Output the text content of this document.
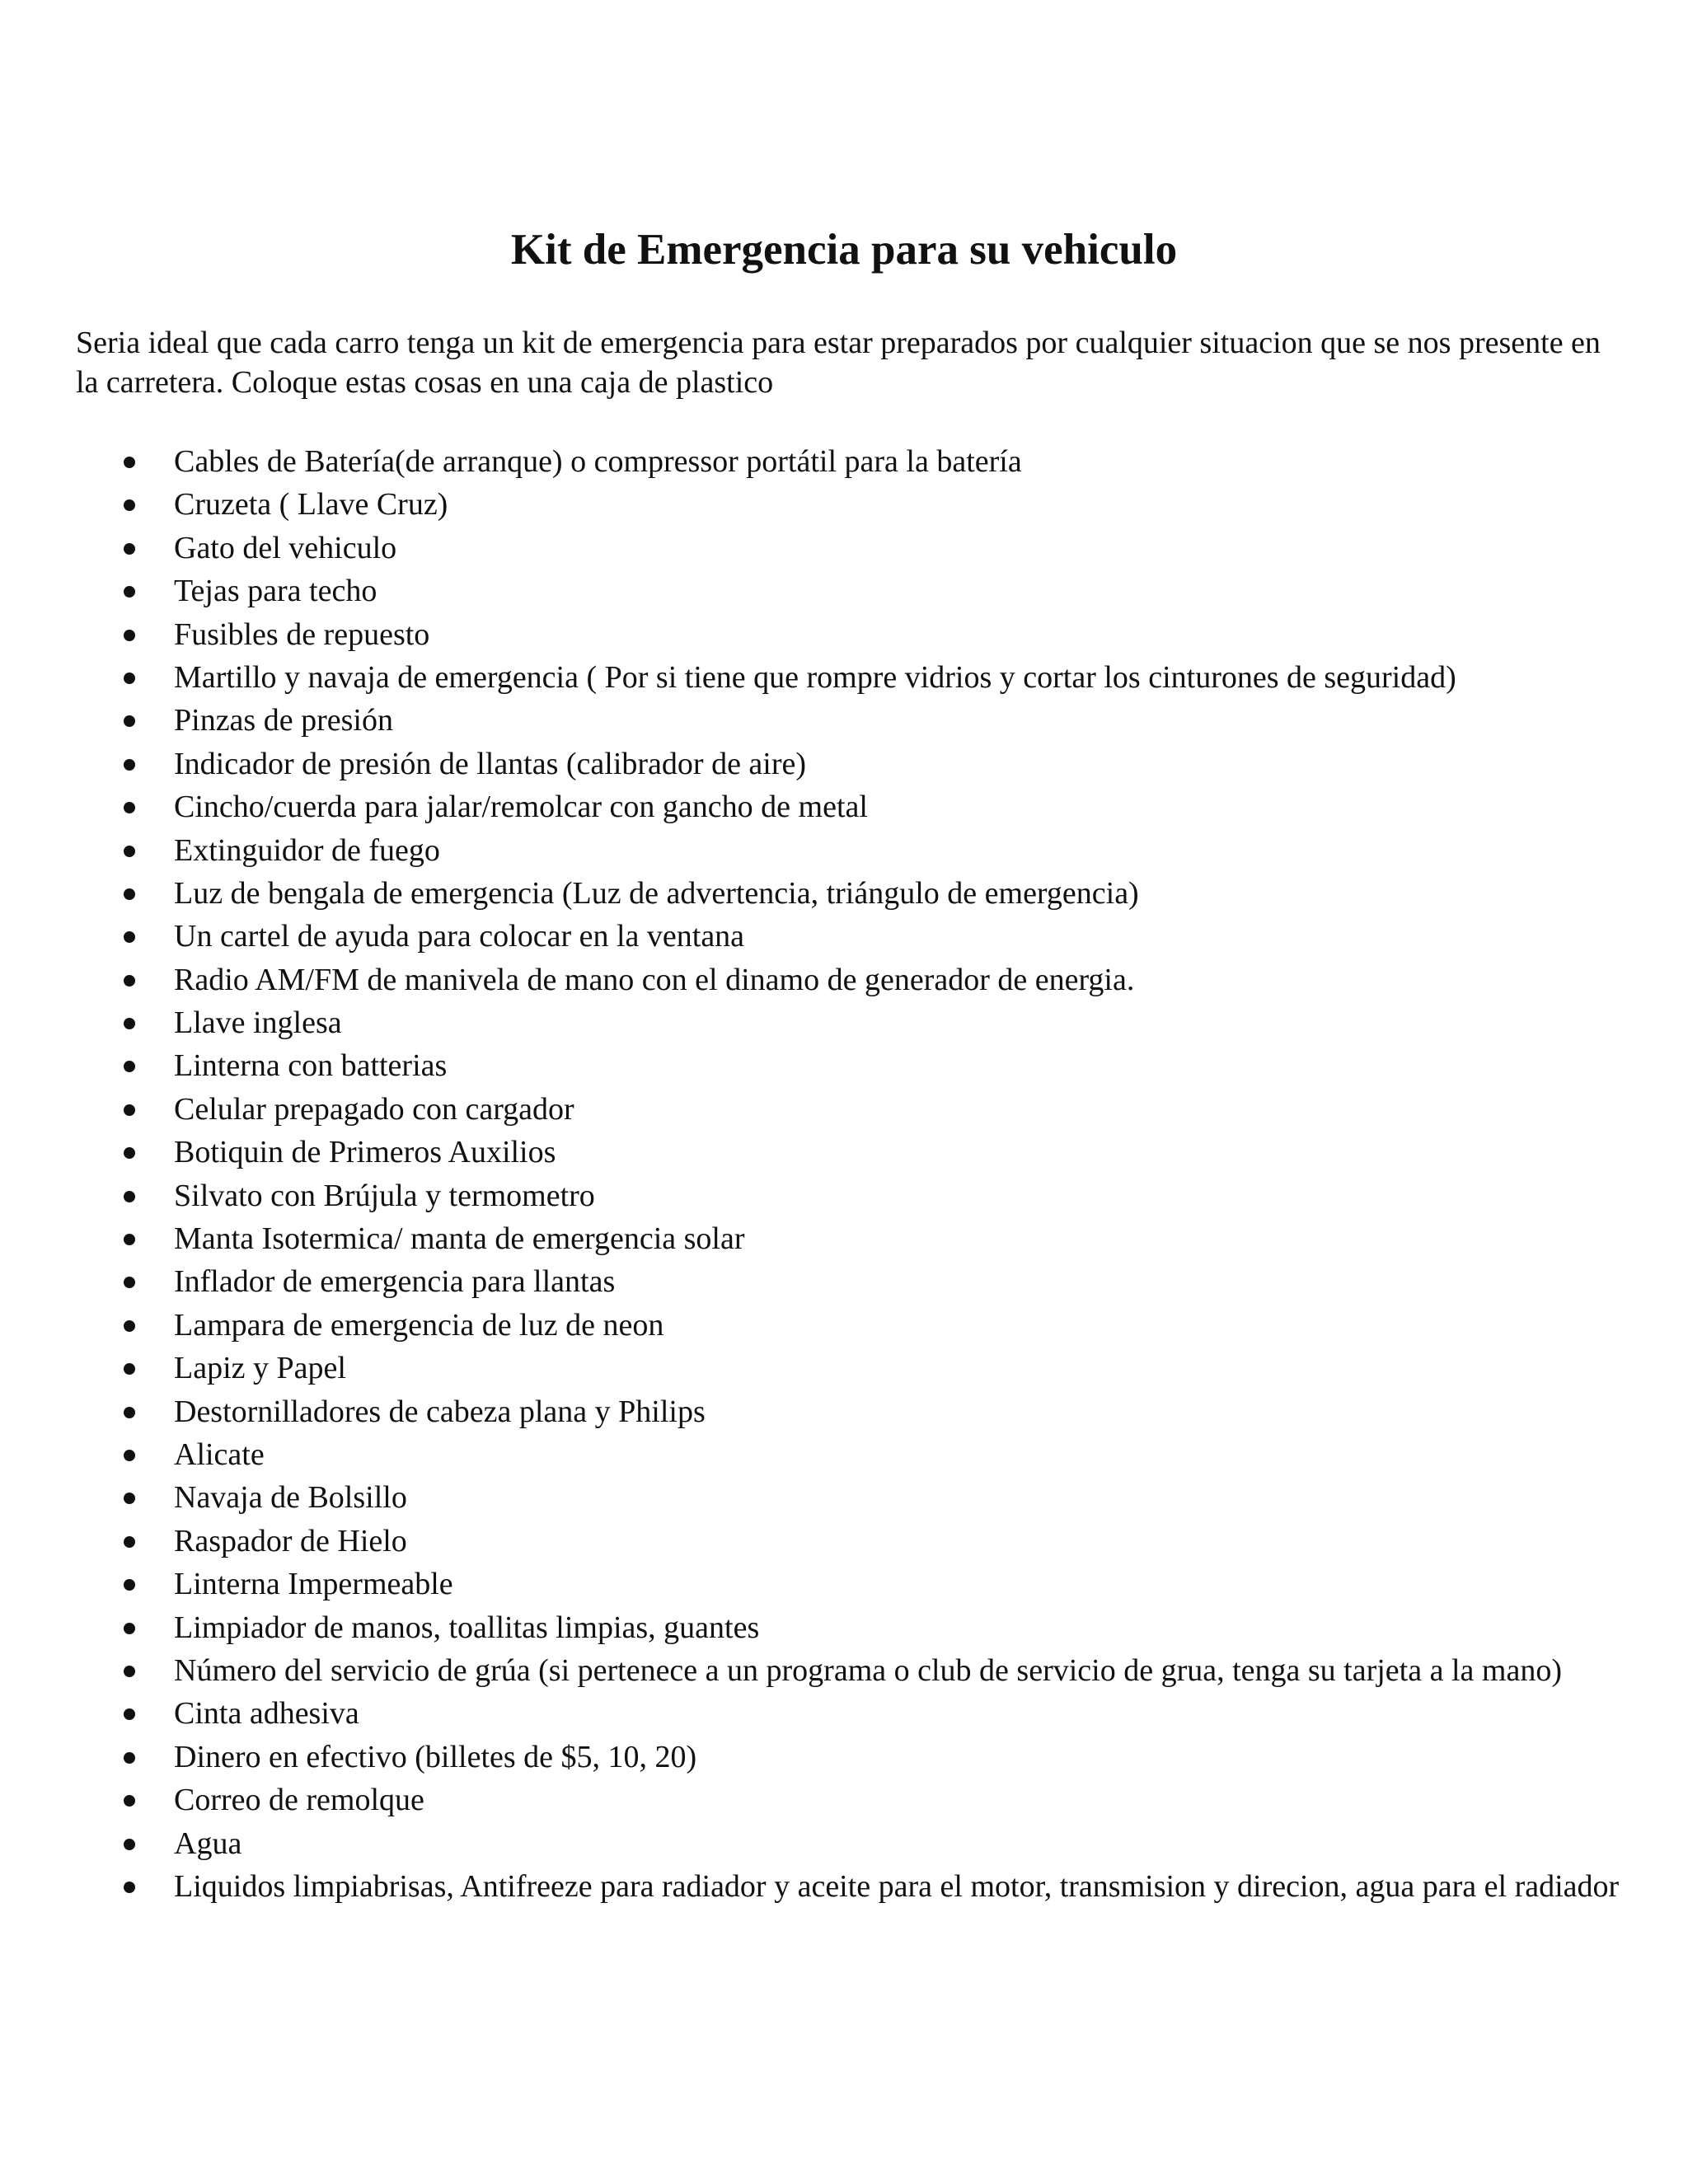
Kit de Emergencia para su vehiculo

Seria ideal que cada carro tenga un kit de emergencia para estar preparados por cualquier situacion que se nos presente en la carretera. Coloque estas cosas en una caja de plastico

Cables de Batería(de arranque) o compressor portátil para la batería
Cruzeta ( Llave Cruz)
Gato del vehiculo
Tejas para techo
Fusibles de repuesto
Martillo y navaja de emergencia ( Por si tiene que rompre vidrios y cortar los cinturones de seguridad)
Pinzas de presión
Indicador de presión de llantas (calibrador de aire)
Cincho/cuerda para jalar/remolcar con gancho de metal
Extinguidor de fuego
Luz de bengala de emergencia (Luz de advertencia, triángulo de emergencia)
Un cartel de ayuda para colocar en la ventana
Radio AM/FM de manivela de mano con el dinamo de generador de energia.
Llave inglesa
Linterna con batterias
Celular prepagado con cargador
Botiquin de Primeros Auxilios
Silvato con Brújula y termometro
Manta Isotermica/ manta de emergencia solar
Inflador de emergencia para llantas
Lampara de emergencia de luz de neon
Lapiz y Papel
Destornilladores de cabeza plana y Philips
Alicate
Navaja de Bolsillo
Raspador de Hielo
Linterna Impermeable
Limpiador de manos, toallitas limpias, guantes
Número del servicio de grúa (si pertenece a un programa o club de servicio de grua, tenga su tarjeta a la mano)
Cinta adhesiva
Dinero en efectivo (billetes de $5, 10, 20)
Correo de remolque
Agua
Liquidos limpiabrisas, Antifreeze para radiador y aceite para el motor, transmision y direcion, agua para el radiador
